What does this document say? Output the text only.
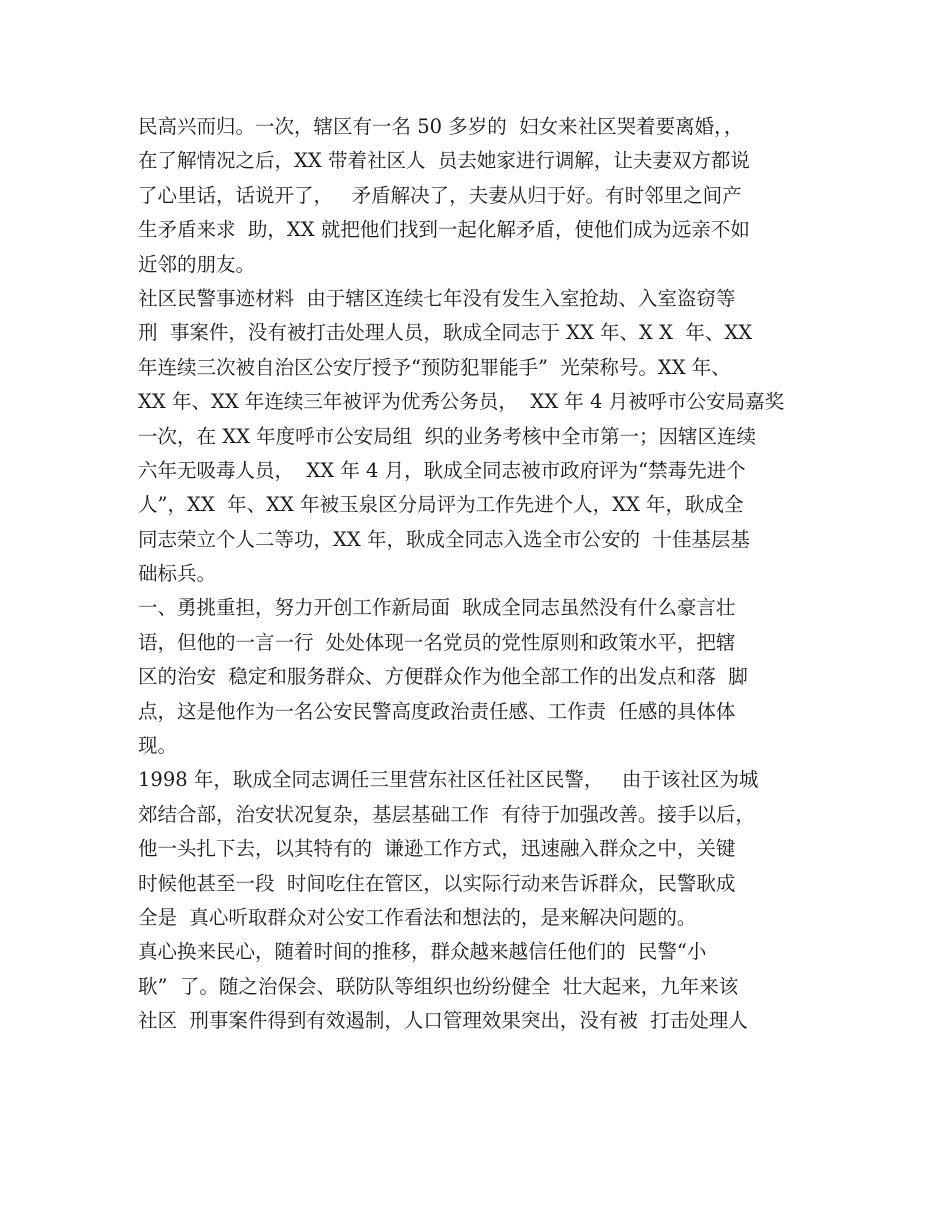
民高兴而归。一次，辖区有一名 50 多岁的  妇女来社区哭着要离婚，，
在了解情况之后，XX 带着社区人  员去她家进行调解，让夫妻双方都说
了心里话，话说开了，   矛盾解决了，夫妻从归于好。有时邻里之间产
生矛盾来求  助，XX 就把他们找到一起化解矛盾，使他们成为远亲不如
近邻的朋友。
社区民警事迹材料  由于辖区连续七年没有发生入室抢劫、入室盗窃等
刑  事案件，没有被打击处理人员，耿成全同志于 XX 年、X X  年、XX
年连续三次被自治区公安厅授予“预防犯罪能手”  光荣称号。XX 年、
XX 年、XX 年连续三年被评为优秀公务员，  XX 年 4 月被呼市公安局嘉奖
一次，在 XX 年度呼市公安局组  织的业务考核中全市第一；因辖区连续
六年无吸毒人员，  XX 年 4 月，耿成全同志被市政府评为“禁毒先进个
人”，XX  年、XX 年被玉泉区分局评为工作先进个人，XX 年，耿成全
同志荣立个人二等功，XX 年，耿成全同志入选全市公安的  十佳基层基
础标兵。
一、勇挑重担，努力开创工作新局面  耿成全同志虽然没有什么豪言壮
语，但他的一言一行  处处体现一名党员的党性原则和政策水平，把辖
区的治安  稳定和服务群众、方便群众作为他全部工作的出发点和落  脚
点，这是他作为一名公安民警高度政治责任感、工作责  任感的具体体
现。
1998 年，耿成全同志调任三里营东社区任社区民警，   由于该社区为城
郊结合部，治安状况复杂，基层基础工作  有待于加强改善。接手以后，
他一头扎下去，以其特有的  谦逊工作方式，迅速融入群众之中，关键
时候他甚至一段  时间吃住在管区，以实际行动来告诉群众，民警耿成
全是  真心听取群众对公安工作看法和想法的，是来解决问题的。
真心换来民心，随着时间的推移，群众越来越信任他们的  民警“小
耿”  了。随之治保会、联防队等组织也纷纷健全  壮大起来，九年来该
社区  刑事案件得到有效遏制，人口管理效果突出，没有被  打击处理人
